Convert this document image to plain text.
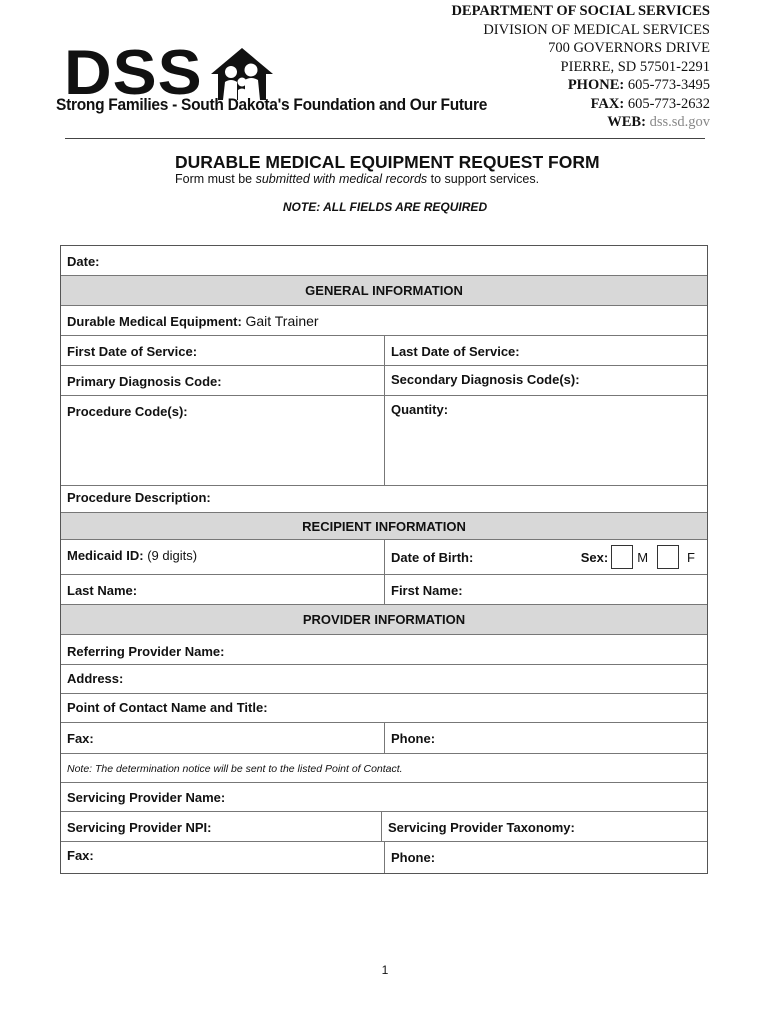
DEPARTMENT OF SOCIAL SERVICES
DIVISION OF MEDICAL SERVICES
700 GOVERNORS DRIVE
PIERRE, SD 57501-2291
PHONE: 605-773-3495
FAX: 605-773-2632
WEB: dss.sd.gov
DSS
Strong Families - South Dakota's Foundation and Our Future
DURABLE MEDICAL EQUIPMENT REQUEST FORM
Form must be submitted with medical records to support services.
NOTE: ALL FIELDS ARE REQUIRED
Date:
GENERAL INFORMATION
Durable Medical Equipment: Gait Trainer
First Date of Service:	Last Date of Service:
Primary Diagnosis Code:	Secondary Diagnosis Code(s):
Procedure Code(s):	Quantity:
Procedure Description:
RECIPIENT INFORMATION
Medicaid ID: (9 digits)	Date of Birth:	Sex: M	F
Last Name:	First Name:
PROVIDER INFORMATION
Referring Provider Name:
Address:
Point of Contact Name and Title:
Fax:	Phone:
Note: The determination notice will be sent to the listed Point of Contact.
Servicing Provider Name:
Servicing Provider NPI:	Servicing Provider Taxonomy:
Fax:	Phone:
1
